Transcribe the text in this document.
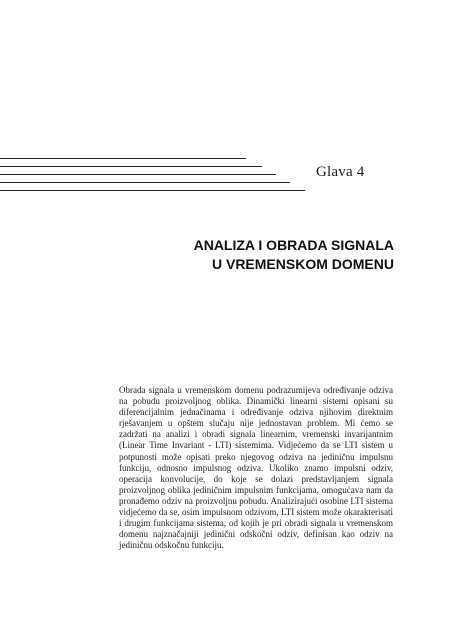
Glava 4
ANALIZA I OBRADA SIGNALA
U VREMENSKOM DOMENU
Obrada signala u vremenskom domenu podrazumijeva određivanje odziva na pobudu proizvoljnog oblika. Dinamički linearni sistemi opisani su diferencijalnim jednačinama i određivanje odziva njihovim direktnim rješavanjem u opštem slučaju nije jednostavan problem. Mi ćemo se zadržati na analizi i obradi signala linearnim, vremenski invarijantnim (Linear Time Invariant - LTI) sistemima. Vidjećemo da se LTI sistem u potpunosti može opisati preko njegovog odziva na jediničnu impulsnu funkciju, odnosno impulsnog odziva. Ukoliko znamo impulsni odziv, operacija konvolucije, do koje se dolazi predstavljanjem signala proizvoljnog oblika jediničnim impulsnim funkcijama, omogućava nam da pronađemo odziv na proizvoljnu pobudu. Analizirajući osobine LTI sistema vidjećemo da se, osim impulsnom odzivom, LTI sistem može okarakterisati i drugim funkcijama sistema, od kojih je pri obradi signala u vremenskom domenu najznačajniji jedinični odskočni odziv, definisan kao odziv na jediničnu odskočnu funkciju.
